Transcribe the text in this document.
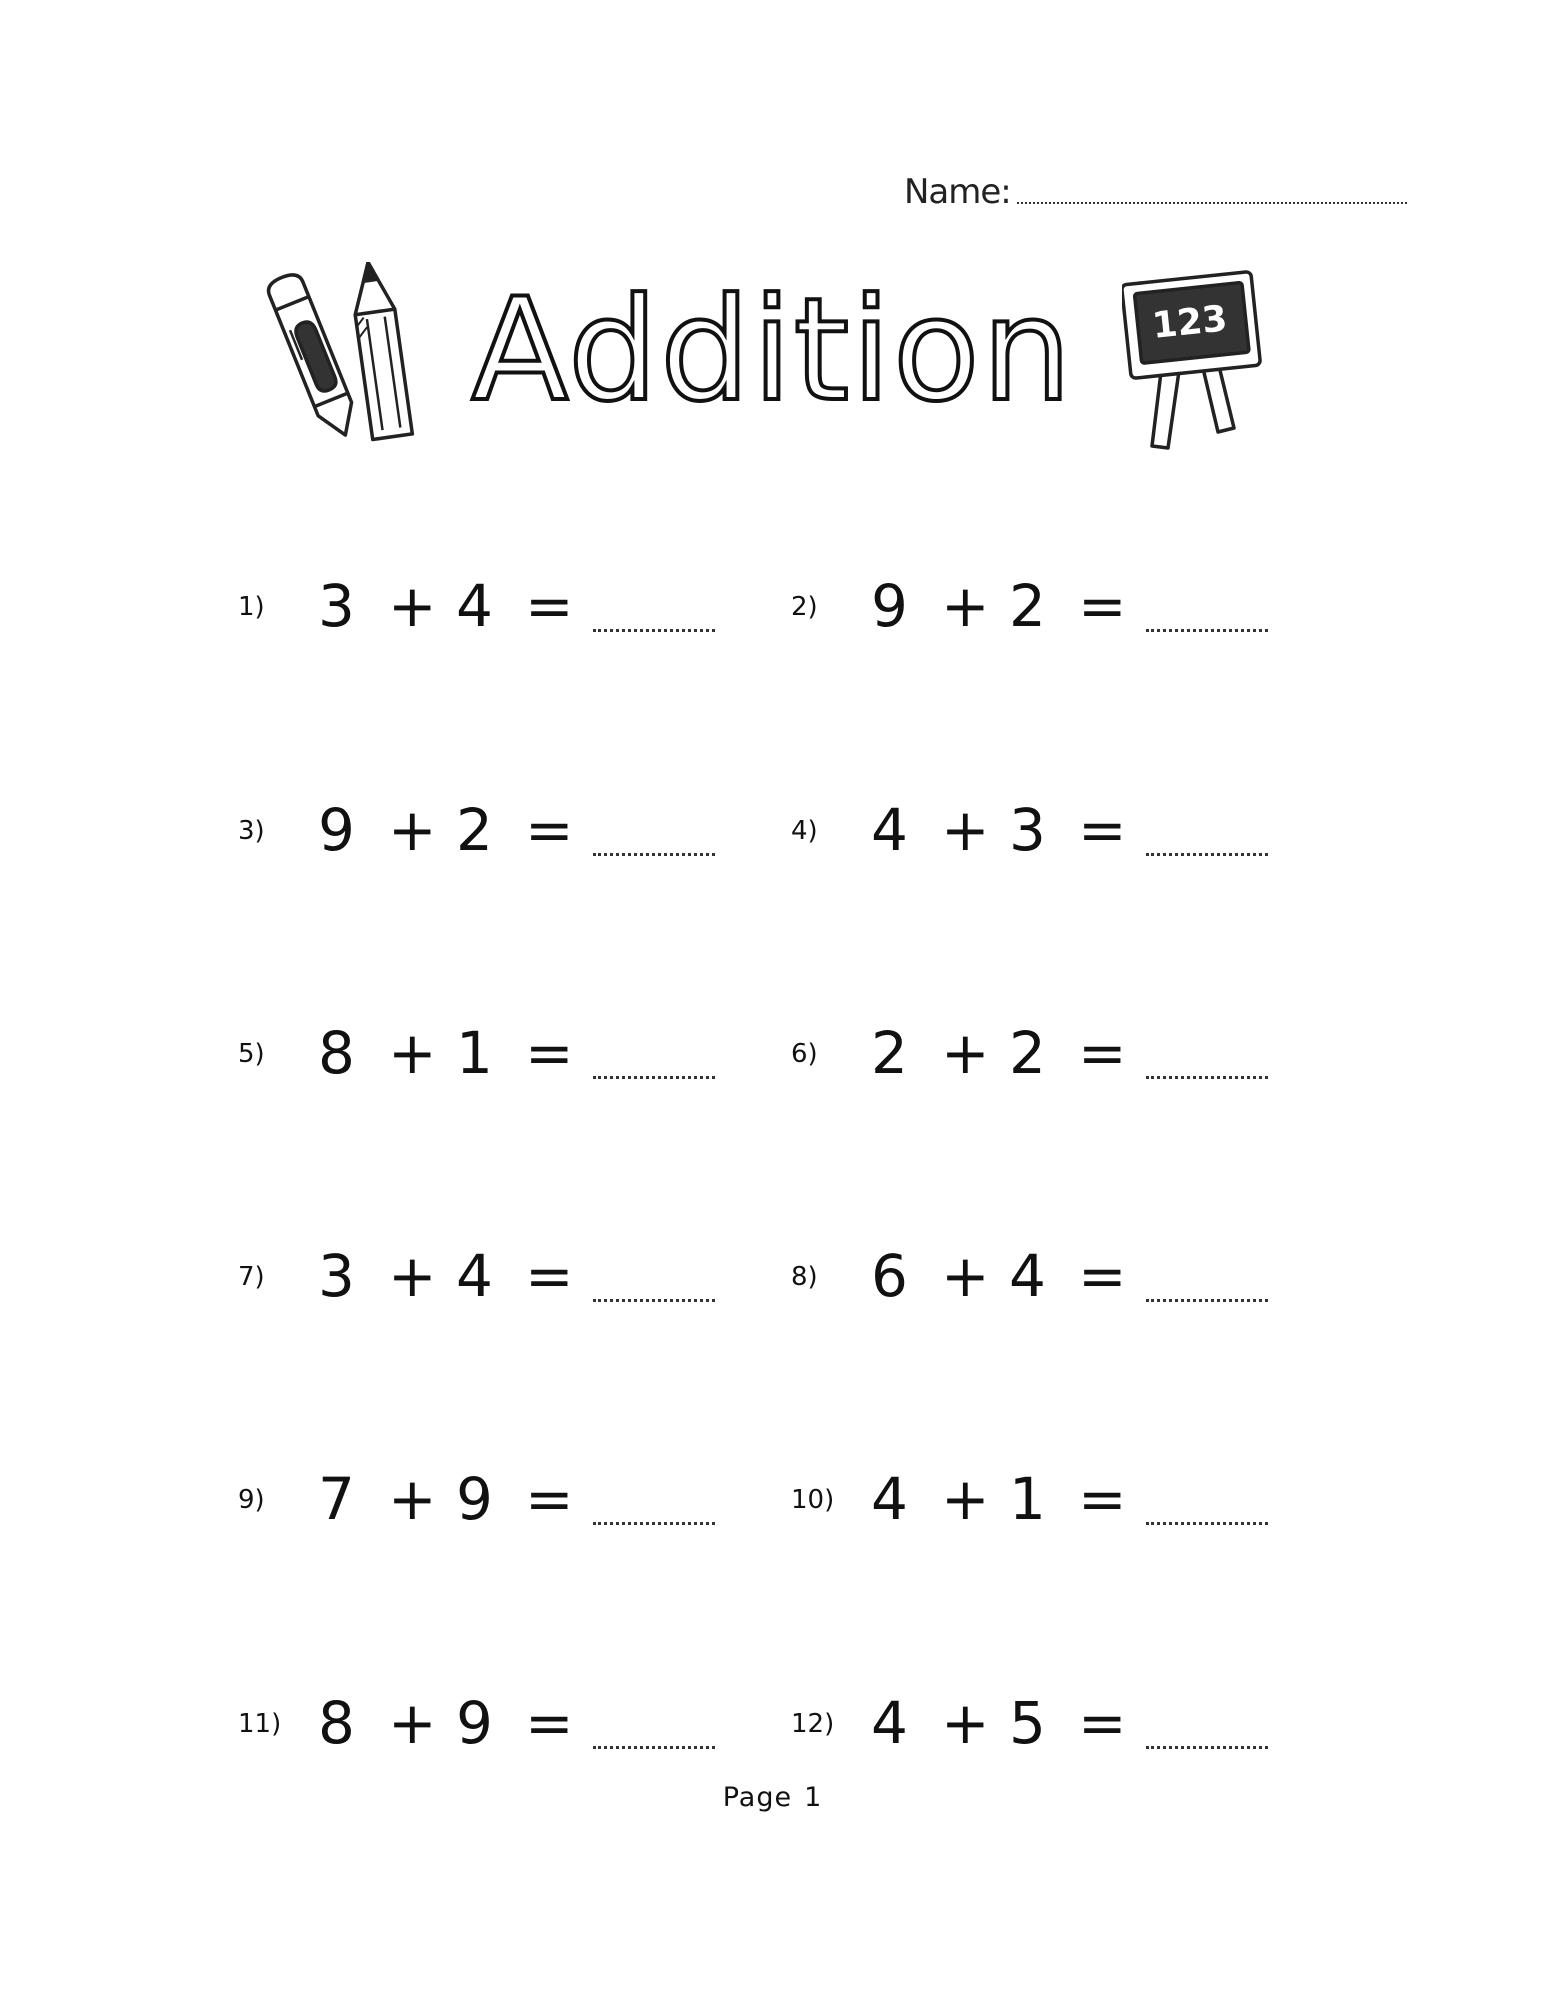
Name:
Addition	123
1) 3 + 4 =	2) 9 + 2 =
3) 9 + 2 =	4) 4 + 3 =
5) 8 + 1 =	6) 2 + 2 =
7) 3 + 4 =	8) 6 + 4 =
9) 7 + 9 =	10) 4 + 1 =
11) 8 + 9 =	12) 4 + 5 =
Page 1
